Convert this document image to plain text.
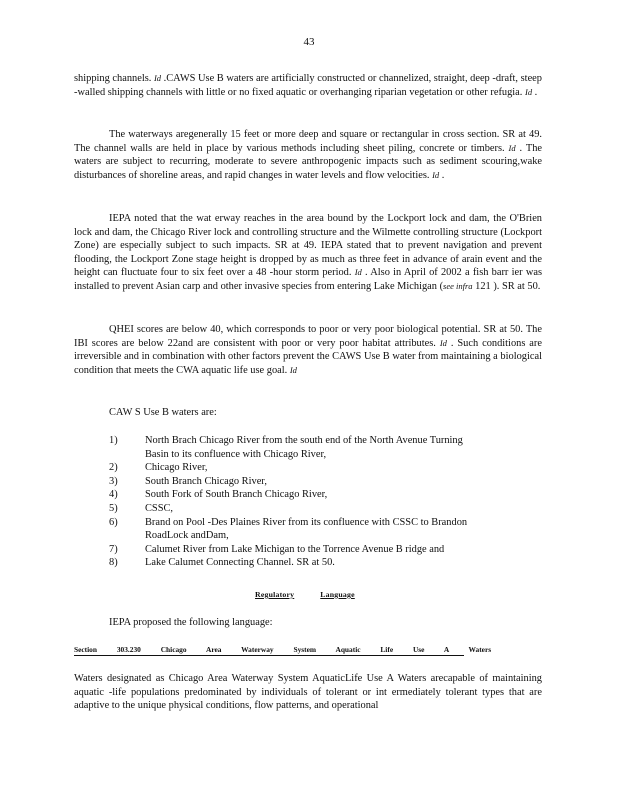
43

shipping channels. Id .CAWS Use B waters are artificially constructed or channelized, straight, deep -draft, steep -walled shipping channels with little or no fixed aquatic or overhanging riparian vegetation or other refugia. Id .

The waterways aregenerally 15 feet or more deep and square or rectangular in cross section. SR at 49. The channel walls are held in place by various methods including sheet piling, concrete or timbers. Id . The waters are subject to recurring, moderate to severe anthropogenic impacts such as sediment scouring,wake disturbances of shoreline areas, and rapid changes in water levels and flow velocities. Id .

IEPA noted that the wat erway reaches in the area bound by the Lockport lock and dam, the O'Brien lock and dam, the Chicago River lock and controlling structure and the Wilmette controlling structure (Lockport Zone) are especially subject to such impacts. SR at 49. IEPA stated that to prevent navigation and prevent flooding, the Lockport Zone stage height is dropped by as much as three feet in advance of arain event and the height can fluctuate four to six feet over a 48 -hour storm period. Id . Also in April of 2002 a fish barr ier was installed to prevent Asian carp and other invasive species from entering Lake Michigan (see infra 121 ). SR at 50.

QHEI scores are below 40, which corresponds to poor or very poor biological potential. SR at 50. The IBI scores are below 22and are consistent with poor or very poor habitat attributes. Id . Such conditions are irreversible and in combination with other factors prevent the CAWS Use B water from maintaining a biological condition that meets the CWA aquatic life use goal. Id

CAW S Use B waters are:

1)	North Brach Chicago River from the south end of the North Avenue Turning Basin to its confluence with Chicago River,
2)	Chicago River,
3)	South Branch Chicago River,
4)	South Fork of South Branch Chicago River,
5)	CSSC,
6)	Brand on Pool -Des Plaines River from its confluence with CSSC to Brandon RoadLock andDam,
7)	Calumet River from Lake Michigan to the Torrence Avenue B ridge and
8)	Lake Calumet Connecting Channel. SR at 50.
Regulatory	Language

IEPA proposed the following language:

Section 303.230 Chicago Area Waterway System Aquatic Life Use A Waters

Waters designated as Chicago Area Waterway System AquaticLife Use A Waters arecapable of maintaining aquatic -life populations predominated by individuals of tolerant or int ermediately tolerant types that are adaptive to the unique physical conditions, flow patterns, and operational
